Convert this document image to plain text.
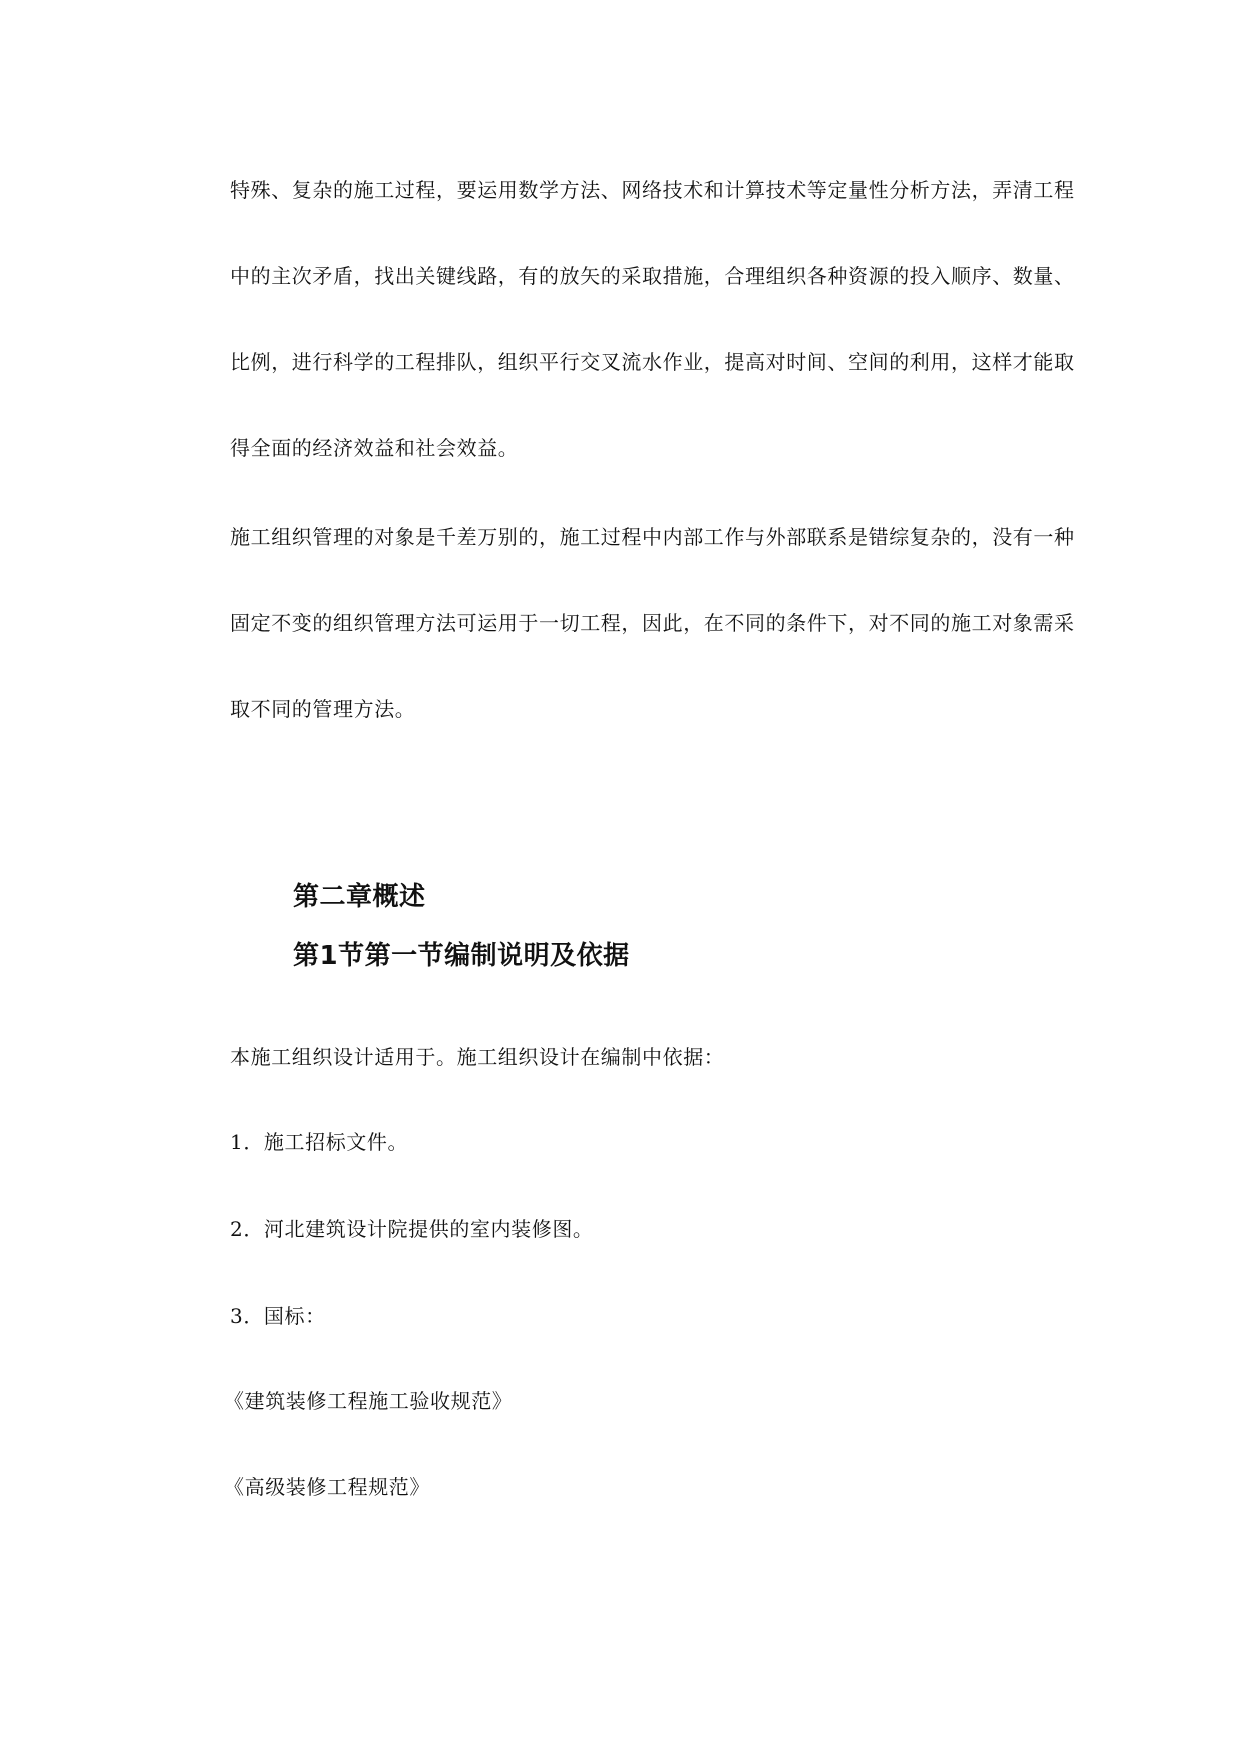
特殊、复杂的施工过程，要运用数学方法、网络技术和计算技术等定量性分析方法，弄清工程
中的主次矛盾，找出关键线路，有的放矢的采取措施，合理组织各种资源的投入顺序、数量、
比例，进行科学的工程排队，组织平行交叉流水作业，提高对时间、空间的利用，这样才能取
得全面的经济效益和社会效益。
施工组织管理的对象是千差万别的，施工过程中内部工作与外部联系是错综复杂的，没有一种
固定不变的组织管理方法可运用于一切工程，因此，在不同的条件下，对不同的施工对象需采
取不同的管理方法。
第二章概述
第1节第一节编制说明及依据
本施工组织设计适用于。施工组织设计在编制中依据：
1．施工招标文件。
2．河北建筑设计院提供的室内装修图。
3．国标：
《建筑装修工程施工验收规范》
《高级装修工程规范》
